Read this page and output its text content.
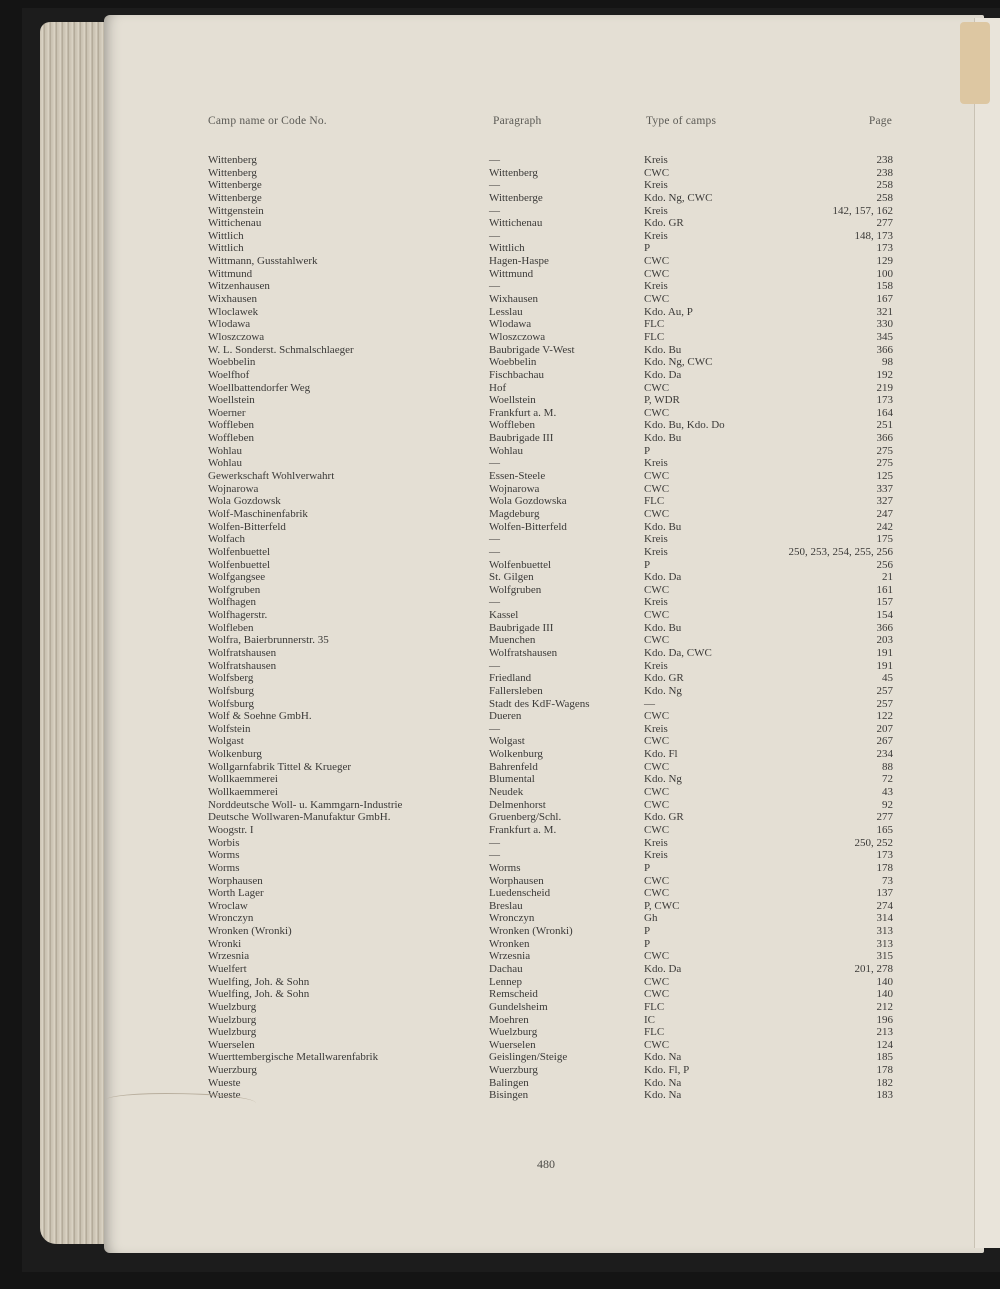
Camp name or Code No.	Paragraph	Type of camps	Page
Wittenberg	—	Kreis	238
Wittenberg	Wittenberg	CWC	238
Wittenberge	—	Kreis	258
Wittenberge	Wittenberge	Kdo. Ng, CWC	258
Wittgenstein	—	Kreis	142, 157, 162
Wittichenau	Wittichenau	Kdo. GR	277
Wittlich	—	Kreis	148, 173
Wittlich	Wittlich	P	173
Wittmann, Gusstahlwerk	Hagen-Haspe	CWC	129
Wittmund	Wittmund	CWC	100
Witzenhausen	—	Kreis	158
Wixhausen	Wixhausen	CWC	167
Wloclawek	Lesslau	Kdo. Au, P	321
Wlodawa	Wlodawa	FLC	330
Wloszczowa	Wloszczowa	FLC	345
W. L. Sonderst. Schmalschlaeger	Baubrigade V-West	Kdo. Bu	366
Woebbelin	Woebbelin	Kdo. Ng, CWC	98
Woelfhof	Fischbachau	Kdo. Da	192
Woellbattendorfer Weg	Hof	CWC	219
Woellstein	Woellstein	P, WDR	173
Woerner	Frankfurt a. M.	CWC	164
Woffleben	Woffleben	Kdo. Bu, Kdo. Do	251
Woffleben	Baubrigade III	Kdo. Bu	366
Wohlau	Wohlau	P	275
Wohlau	—	Kreis	275
Gewerkschaft Wohlverwahrt	Essen-Steele	CWC	125
Wojnarowa	Wojnarowa	CWC	337
Wola Gozdowsk	Wola Gozdowska	FLC	327
Wolf-Maschinenfabrik	Magdeburg	CWC	247
Wolfen-Bitterfeld	Wolfen-Bitterfeld	Kdo. Bu	242
Wolfach	—	Kreis	175
Wolfenbuettel	—	Kreis	250, 253, 254, 255, 256
Wolfenbuettel	Wolfenbuettel	P	256
Wolfgangsee	St. Gilgen	Kdo. Da	21
Wolfgruben	Wolfgruben	CWC	161
Wolfhagen	—	Kreis	157
Wolfhagerstr.	Kassel	CWC	154
Wolfleben	Baubrigade III	Kdo. Bu	366
Wolfra, Baierbrunnerstr. 35	Muenchen	CWC	203
Wolfratshausen	Wolfratshausen	Kdo. Da, CWC	191
Wolfratshausen	—	Kreis	191
Wolfsberg	Friedland	Kdo. GR	45
Wolfsburg	Fallersleben	Kdo. Ng	257
Wolfsburg	Stadt des KdF-Wagens	—	257
Wolf & Soehne GmbH.	Dueren	CWC	122
Wolfstein	—	Kreis	207
Wolgast	Wolgast	CWC	267
Wolkenburg	Wolkenburg	Kdo. Fl	234
Wollgarnfabrik Tittel & Krueger	Bahrenfeld	CWC	88
Wollkaemmerei	Blumental	Kdo. Ng	72
Wollkaemmerei	Neudek	CWC	43
Norddeutsche Woll- u. Kammgarn-Industrie	Delmenhorst	CWC	92
Deutsche Wollwaren-Manufaktur GmbH.	Gruenberg/Schl.	Kdo. GR	277
Woogstr. I	Frankfurt a. M.	CWC	165
Worbis	—	Kreis	250, 252
Worms	—	Kreis	173
Worms	Worms	P	178
Worphausen	Worphausen	CWC	73
Worth Lager	Luedenscheid	CWC	137
Wroclaw	Breslau	P, CWC	274
Wronczyn	Wronczyn	Gh	314
Wronken (Wronki)	Wronken (Wronki)	P	313
Wronki	Wronken	P	313
Wrzesnia	Wrzesnia	CWC	315
Wuelfert	Dachau	Kdo. Da	201, 278
Wuelfing, Joh. & Sohn	Lennep	CWC	140
Wuelfing, Joh. & Sohn	Remscheid	CWC	140
Wuelzburg	Gundelsheim	FLC	212
Wuelzburg	Moehren	IC	196
Wuelzburg	Wuelzburg	FLC	213
Wuerselen	Wuerselen	CWC	124
Wuerttembergische Metallwarenfabrik	Geislingen/Steige	Kdo. Na	185
Wuerzburg	Wuerzburg	Kdo. Fl, P	178
Wueste	Balingen	Kdo. Na	182
Wueste	Bisingen	Kdo. Na	183
480
